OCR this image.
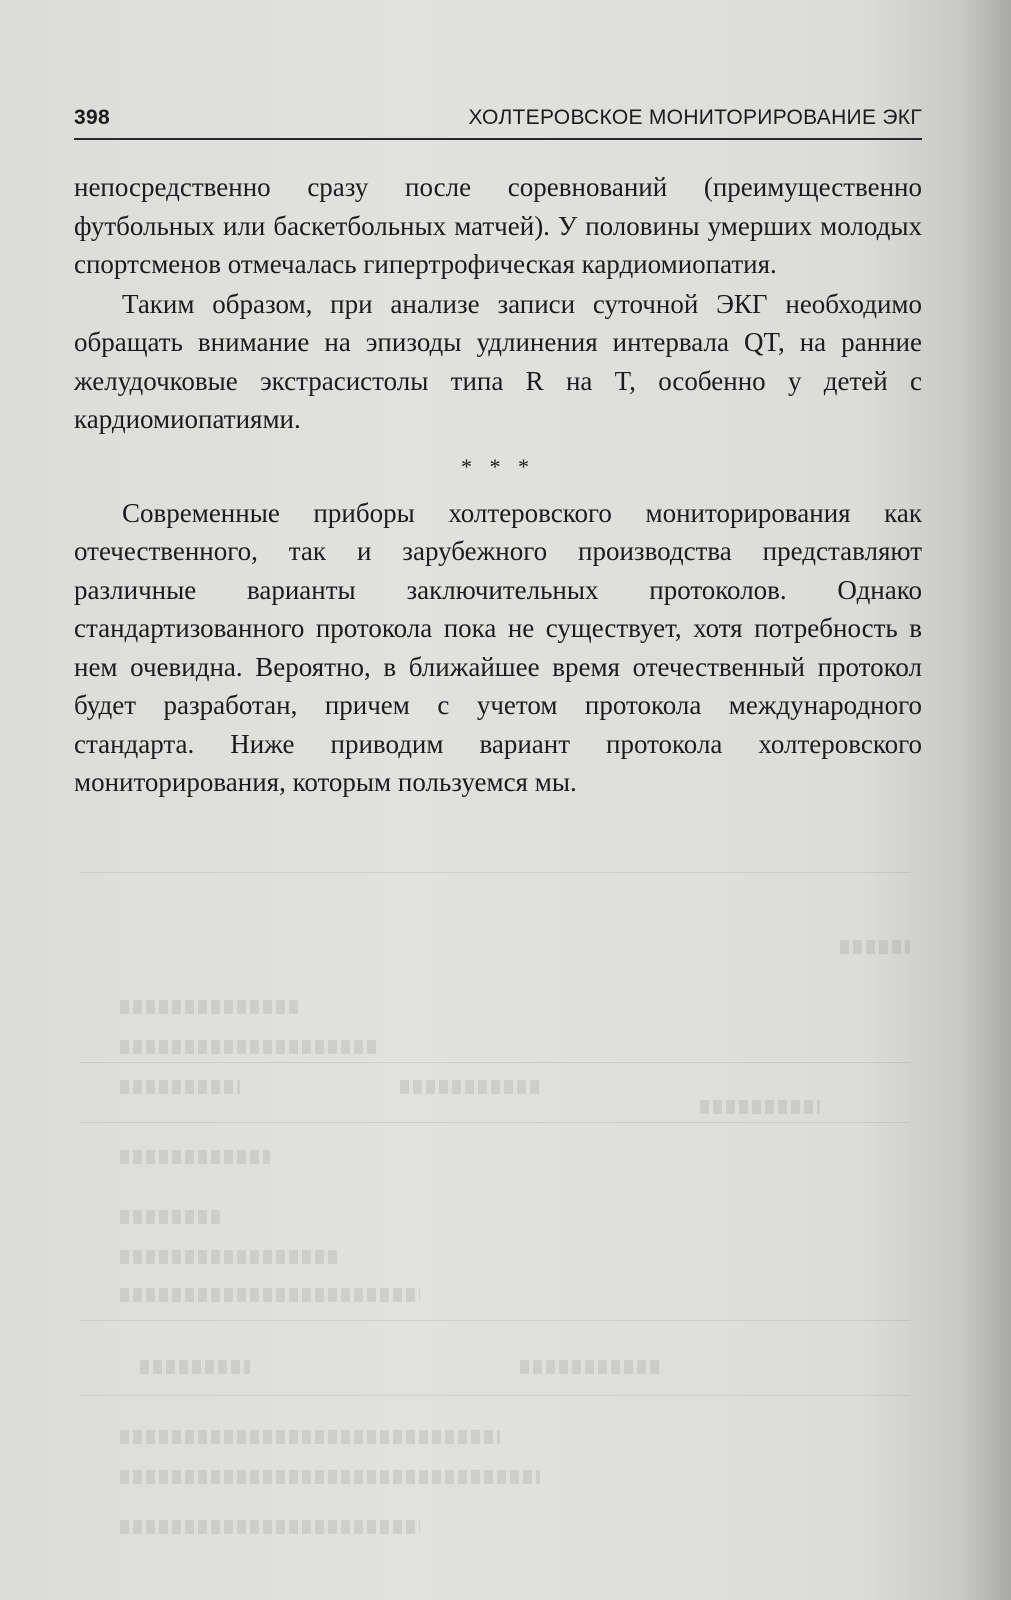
398	ХОЛТЕРОВСКОЕ МОНИТОРИРОВАНИЕ ЭКГ

непосредственно сразу после соревнований (преимущественно футбольных или баскетбольных матчей). У половины умерших молодых спортсменов отмечалась гипертрофическая кардиомиопатия.

Таким образом, при анализе записи суточной ЭКГ необходимо обращать внимание на эпизоды удлинения интервала QT, на ранние желудочковые экстрасистолы типа R на T, особенно у детей с кардиомиопатиями.

* * *

Современные приборы холтеровского мониторирования как отечественного, так и зарубежного производства представляют различные варианты заключительных протоколов. Однако стандартизованного протокола пока не существует, хотя потребность в нем очевидна. Вероятно, в ближайшее время отечественный протокол будет разработан, причем с учетом протокола международного стандарта. Ниже приводим вариант протокола холтеровского мониторирования, которым пользуемся мы.
